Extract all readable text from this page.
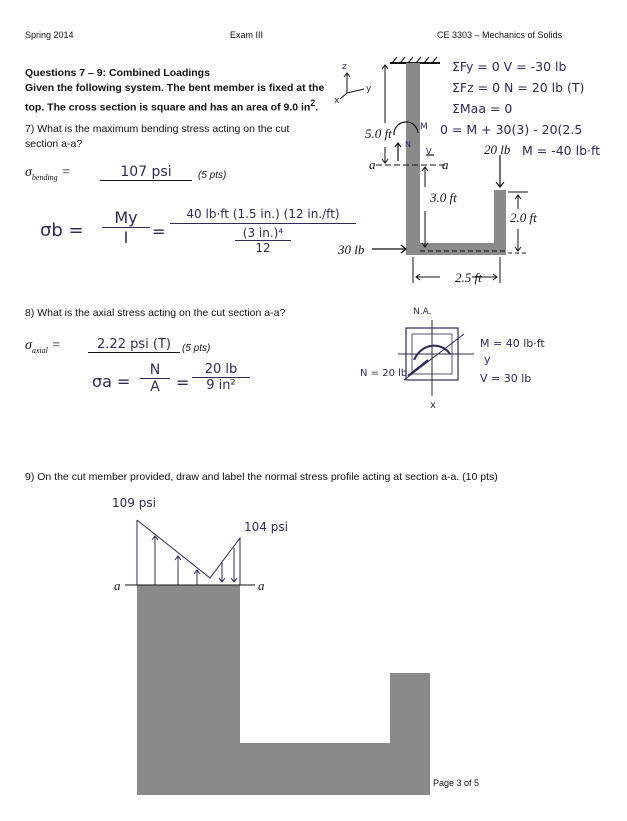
Spring 2014	Exam III	CE 3303 – Mechanics of Solids
Questions 7 – 9: Combined Loadings
Given the following system. The bent member is fixed at the top. The cross section is square and has an area of 9.0 $in^2$.
7) What is the maximum bending stress acting on the cut section a-a?
$\sigma_{bending}$ =	107 psi	(5 pts)
σb =
My
I	=
40 lb·ft (1.5 in.) (12 in./ft)
(3 in.)⁴
12
8) What is the axial stress acting on the cut section a-a?
$\sigma_{axial}$ =	2.22 psi (T)	(5 pts)
σa =
N
A	=
20 lb
9 in²
9) On the cut member provided, draw and label the normal stress profile acting at section a-a. (10 pts)
z
y
x
5.0 ft
a	a
M
N
V
3.0 ft
20 lb
2.0 ft
30 lb
2.5 ft
ΣFy = 0 V = -30 lb
ΣFz = 0 N = 20 lb (T)
ΣMaa = 0
0 = M + 30(3) - 20(2.5
M = -40 lb·ft
N.A.
M = 40 lb·ft
y
V = 30 lb
N = 20 lb
x
109 psi
104 psi
a	a
Page 3 of 5
